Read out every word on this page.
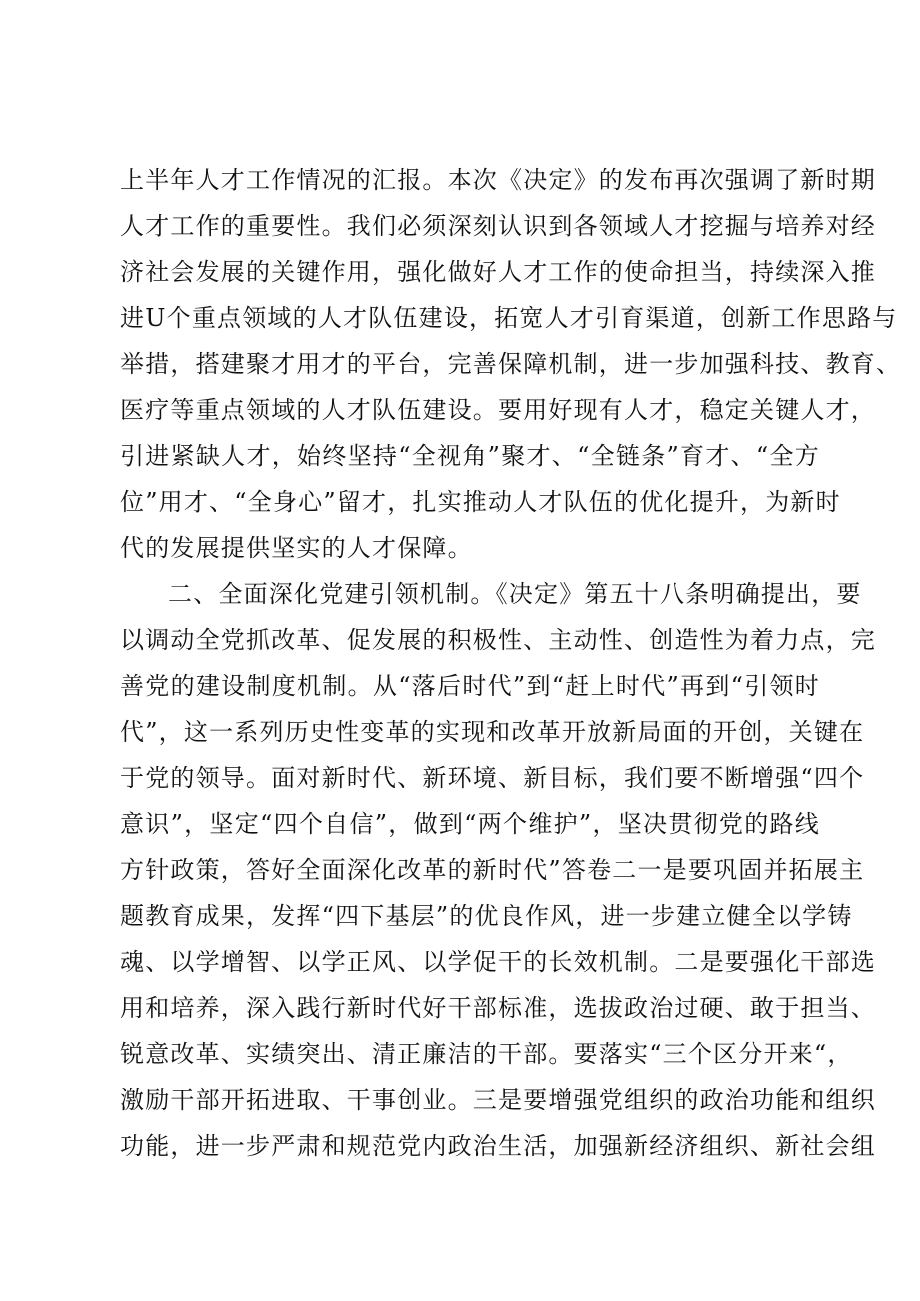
上半年人才工作情况的汇报。本次《决定》的发布再次强调了新时期
人才工作的重要性。我们必须深刻认识到各领域人才挖掘与培养对经
济社会发展的关键作用，强化做好人才工作的使命担当，持续深入推
进U个重点领域的人才队伍建设，拓宽人才引育渠道，创新工作思路与
举措，搭建聚才用才的平台，完善保障机制，进一步加强科技、教育、
医疗等重点领域的人才队伍建设。要用好现有人才，稳定关键人才，
引进紧缺人才，始终坚持“全视角”聚才、“全链条”育才、“全方
位”用才、“全身心”留才，扎实推动人才队伍的优化提升，为新时
代的发展提供坚实的人才保障。
二、全面深化党建引领机制。《决定》第五十八条明确提出，要
以调动全党抓改革、促发展的积极性、主动性、创造性为着力点，完
善党的建设制度机制。从“落后时代”到“赶上时代”再到“引领时
代”，这一系列历史性变革的实现和改革开放新局面的开创，关键在
于党的领导。面对新时代、新环境、新目标，我们要不断增强“四个
意识”，坚定“四个自信”，做到“两个维护”，坚决贯彻党的路线
方针政策，答好全面深化改革的新时代”答卷二一是要巩固并拓展主
题教育成果，发挥“四下基层”的优良作风，进一步建立健全以学铸
魂、以学增智、以学正风、以学促干的长效机制。二是要强化干部选
用和培养，深入践行新时代好干部标准，选拔政治过硬、敢于担当、
锐意改革、实绩突出、清正廉洁的干部。要落实“三个区分开来“，
激励干部开拓进取、干事创业。三是要增强党组织的政治功能和组织
功能，进一步严肃和规范党内政治生活，加强新经济组织、新社会组
